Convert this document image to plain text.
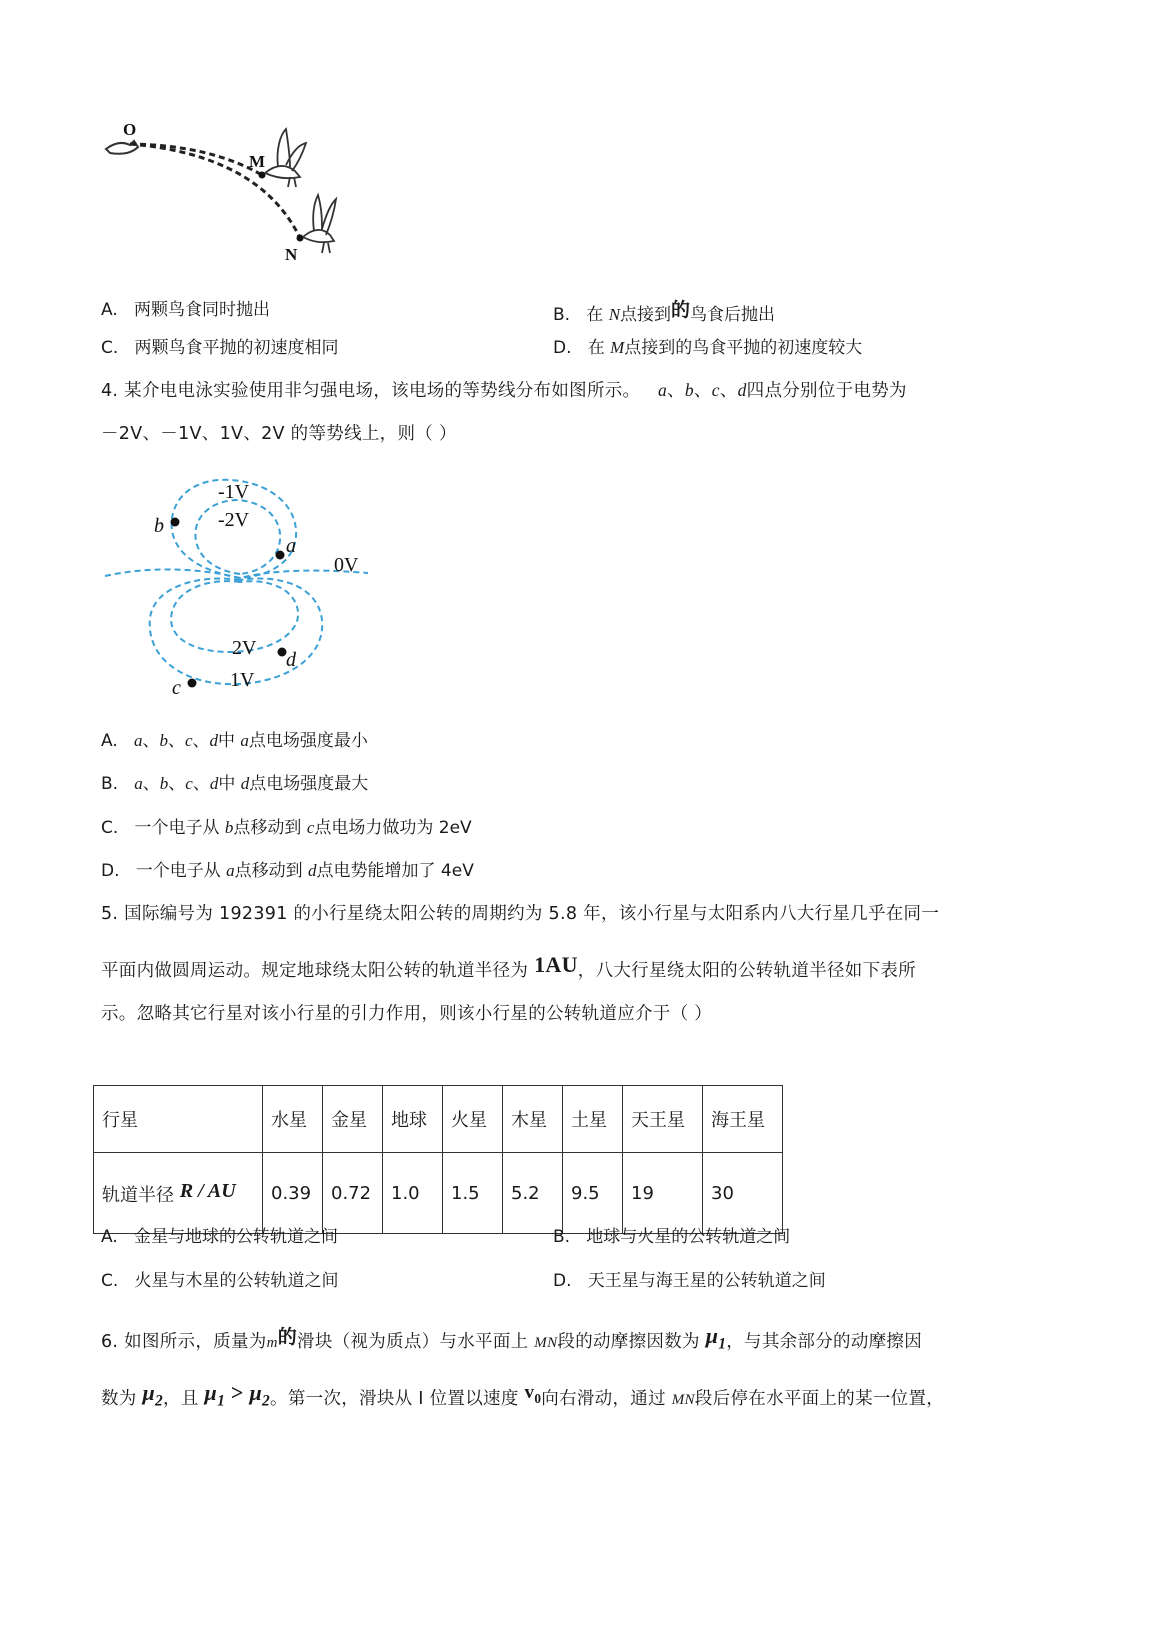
O
M
N
A. 两颗鸟食同时抛出	B. 在 N点接到的鸟食后抛出
C. 两颗鸟食平抛的初速度相同	D. 在 M点接到的鸟食平抛的初速度较大
4. 某介电电泳实验使用非匀强电场，该电场的等势线分布如图所示。 a、b、c、d四点分别位于电势为
－2V、－1V、1V、2V 的等势线上，则（ ）
-1V
-2V
0V
2V
1V
a
b
d
c
A. a、b、c、d中 a点电场强度最小
B. a、b、c、d中 d点电场强度最大
C. 一个电子从 b点移动到 c点电场力做功为 2eV
D. 一个电子从 a点移动到 d点电势能增加了 4eV
5. 国际编号为 192391 的小行星绕太阳公转的周期约为 5.8 年，该小行星与太阳系内八大行星几乎在同一
平面内做圆周运动。规定地球绕太阳公转的轨道半径为 1AU，八大行星绕太阳的公转轨道半径如下表所
示。忽略其它行星对该小行星的引力作用，则该小行星的公转轨道应介于（ ）
行星	水星	金星	地球	火星	木星	土星	天王星	海王星
轨道半径 R / AU	0.39	0.72	1.0	1.5	5.2	9.5	19	30
A. 金星与地球的公转轨道之间	B. 地球与火星的公转轨道之间
C. 火星与木星的公转轨道之间	D. 天王星与海王星的公转轨道之间
6. 如图所示，质量为m的滑块（视为质点）与水平面上 MN段的动摩擦因数为 $\mu_1$，与其余部分的动摩擦因
数为 $\mu_2$，且 $\mu_1 > \mu_2$。第一次，滑块从 I 位置以速度 $v_0$向右滑动，通过 MN段后停在水平面上的某一位置，
